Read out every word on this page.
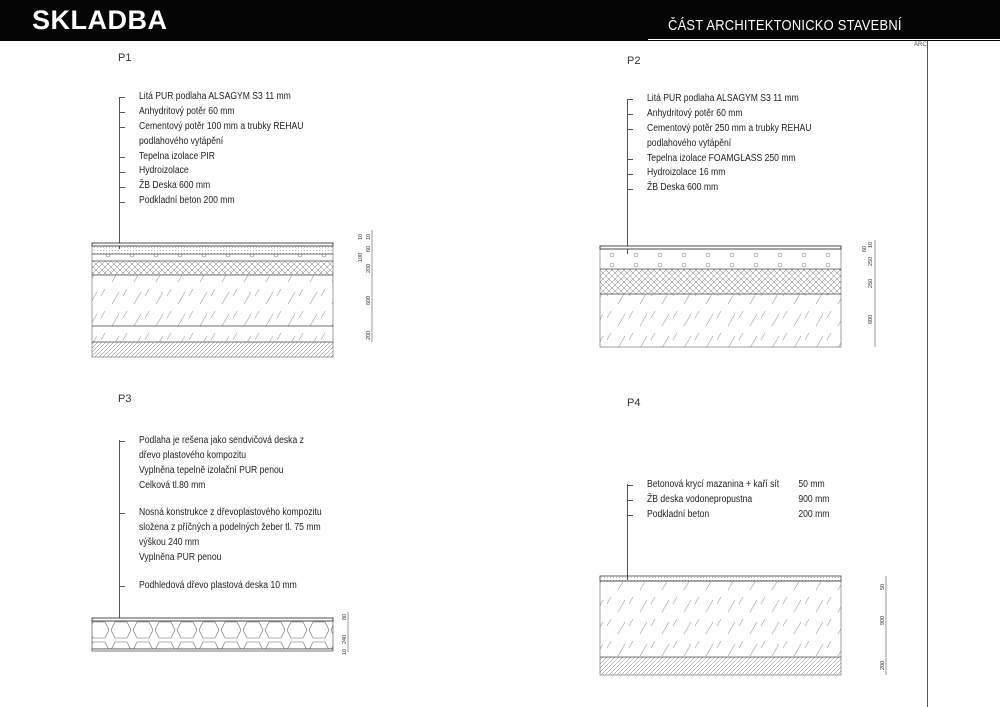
SKLADBA	ČÁST ARCHITEKTONICKO STAVEBNÍ
ARC
P1	P2
P3	P4
Litá PUR podlaha ALSAGYM S3 11 mm
Anhydritový potěr 60 mm
Cementový potěr 100 mm a trubky REHAU
podlahového vytápění
Tepelna izolace PIR
Hydroizolace
ŽB Deska 600 mm
Podkladní beton 200 mm
Litá PUR podlaha ALSAGYM S3 11 mm
Anhydritový potěr 60 mm
Cementový potěr 250 mm a trubky REHAU
podlahového vytápění
Tepelna izolace FOAMGLASS 250 mm
Hydroizolace 16 mm
ŽB Deska 600 mm
Podlaha je rešena jako sendvičová deska z
dřevo plastového kompozitu
Vyplněna tepelně izolační PUR penou
Celková tl.80 mm
Nosná konstrukce z dřevoplastového kompozitu
složena z příčných a podelných žeber tl. 75 mm
výškou 240 mm
Vyplněna PUR penou
Podhledová dřevo plastová deska 10 mm
Betonová krycí mazanina + kaří sít	50 mm
ŽB deska vodonepropustna	900 mm
Podkladní beton	200 mm
10 10
60
100
200
600
200
10
60
250
250
600
80
10
240
50
900
200
